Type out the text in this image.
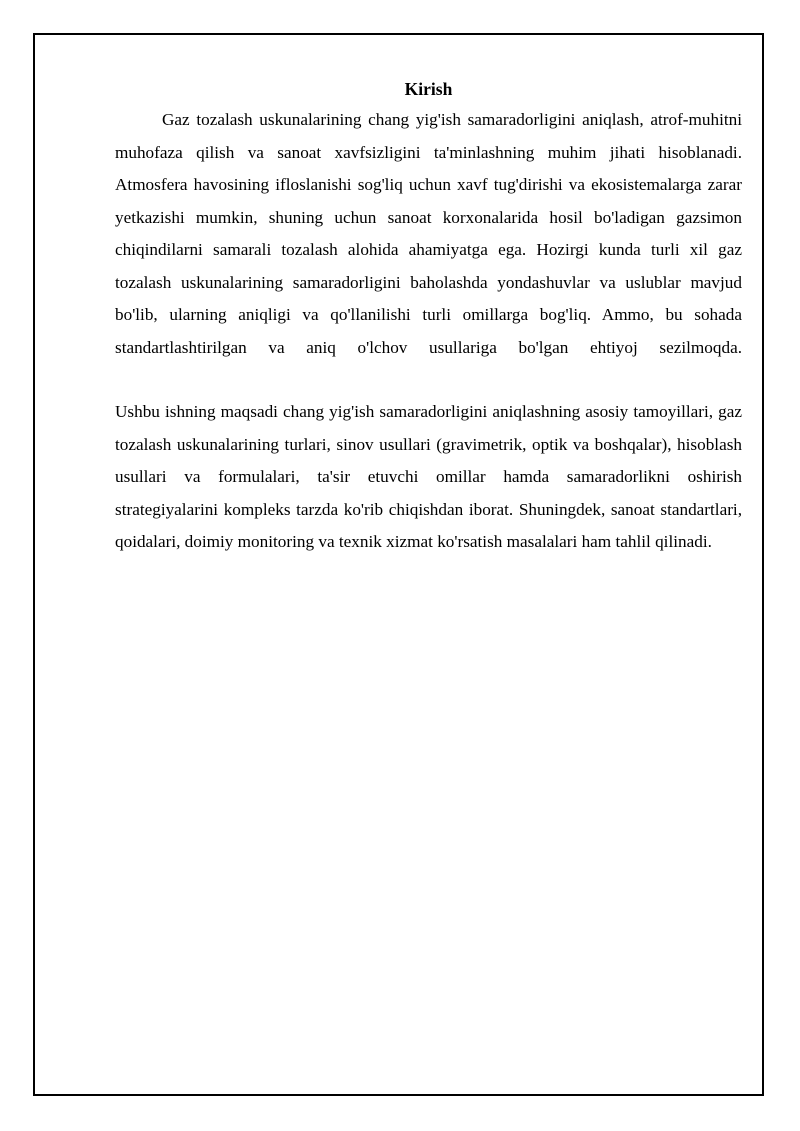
Kirish

Gaz tozalash uskunalarining chang yig'ish samaradorligini aniqlash, atrof-muhitni muhofaza qilish va sanoat xavfsizligini ta'minlashning muhim jihati hisoblanadi. Atmosfera havosining ifloslanishi sog'liq uchun xavf tug'dirishi va ekosistemalarga zarar yetkazishi mumkin, shuning uchun sanoat korxonalarida hosil bo'ladigan gazsimon chiqindilarni samarali tozalash alohida ahamiyatga ega. Hozirgi kunda turli xil gaz tozalash uskunalarining samaradorligini baholashda yondashuvlar va uslublar mavjud bo'lib, ularning aniqligi va qo'llanilishi turli omillarga bog'liq. Ammo, bu sohada standartlashtirilgan va aniq o'lchov usullariga bo'lgan ehtiyoj sezilmoqda.

Ushbu ishning maqsadi chang yig'ish samaradorligini aniqlashning asosiy tamoyillari, gaz tozalash uskunalarining turlari, sinov usullari (gravimetrik, optik va boshqalar), hisoblash usullari va formulalari, ta'sir etuvchi omillar hamda samaradorlikni oshirish strategiyalarini kompleks tarzda ko'rib chiqishdan iborat. Shuningdek, sanoat standartlari, qoidalari, doimiy monitoring va texnik xizmat ko'rsatish masalalari ham tahlil qilinadi.
